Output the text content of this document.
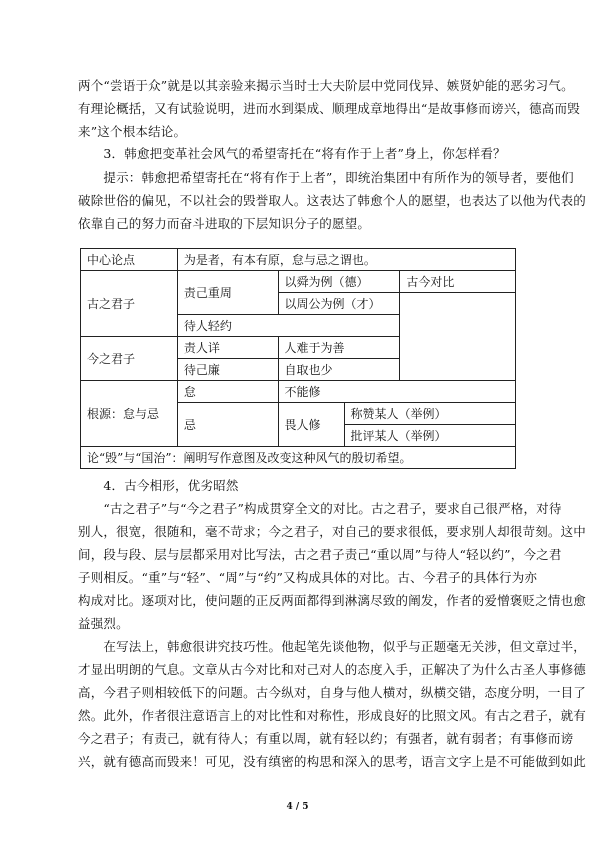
两个“尝语于众”就是以其亲验来揭示当时士大夫阶层中党同伐异、嫉贤妒能的恶劣习气。
有理论概括，又有试验说明，进而水到渠成、顺理成章地得出“是故事修而谤兴，德高而毁
来”这个根本结论。
　　3．韩愈把变革社会风气的希望寄托在“将有作于上者”身上，你怎样看？
　　提示：韩愈把希望寄托在“将有作于上者”，即统治集团中有所作为的领导者，要他们
破除世俗的偏见，不以社会的毁誉取人。这表达了韩愈个人的愿望，也表达了以他为代表的
依靠自己的努力而奋斗进取的下层知识分子的愿望。
中心论点	为是者，有本有原，怠与忌之谓也。			
古之君子	责己重周	以舜为例（德）		古今对比
		以周公为例（才）		
	待人轻约			
今之君子	责人详	人难于为善		
	待己廉	自取也少		
根源：怠与忌	怠	不能修		
	忌	畏人修	称赞某人（举例）	
			批评某人（举例）	
论“毁”与“国治”：阐明写作意图及改变这种风气的殷切希望。				
　　4．古今相形，优劣昭然
　　“古之君子”与“今之君子”构成贯穿全文的对比。古之君子，要求自己很严格，对待
别人，很宽，很随和，毫不苛求；今之君子，对自己的要求很低，要求别人却很苛刻。这中
间，段与段、层与层都采用对比写法，古之君子责己“重以周”与待人“轻以约”，今之君
子则相反。“重”与“轻”、“周”与“约”又构成具体的对比。古、今君子的具体行为亦
构成对比。逐项对比，使问题的正反两面都得到淋漓尽致的阐发，作者的爱憎褒贬之情也愈
益强烈。
　　在写法上，韩愈很讲究技巧性。他起笔先谈他物，似乎与正题毫无关涉，但文章过半，
才显出明朗的气息。文章从古今对比和对己对人的态度入手，正解决了为什么古圣人事修德
高，今君子则相较低下的问题。古今纵对，自身与他人横对，纵横交错，态度分明，一目了
然。此外，作者很注意语言上的对比性和对称性，形成良好的比照文风。有古之君子，就有
今之君子；有责己，就有待人；有重以周，就有轻以约；有强者，就有弱者；有事修而谤
兴，就有德高而毁来！可见，没有缜密的构思和深入的思考，语言文字上是不可能做到如此
4 / 5
